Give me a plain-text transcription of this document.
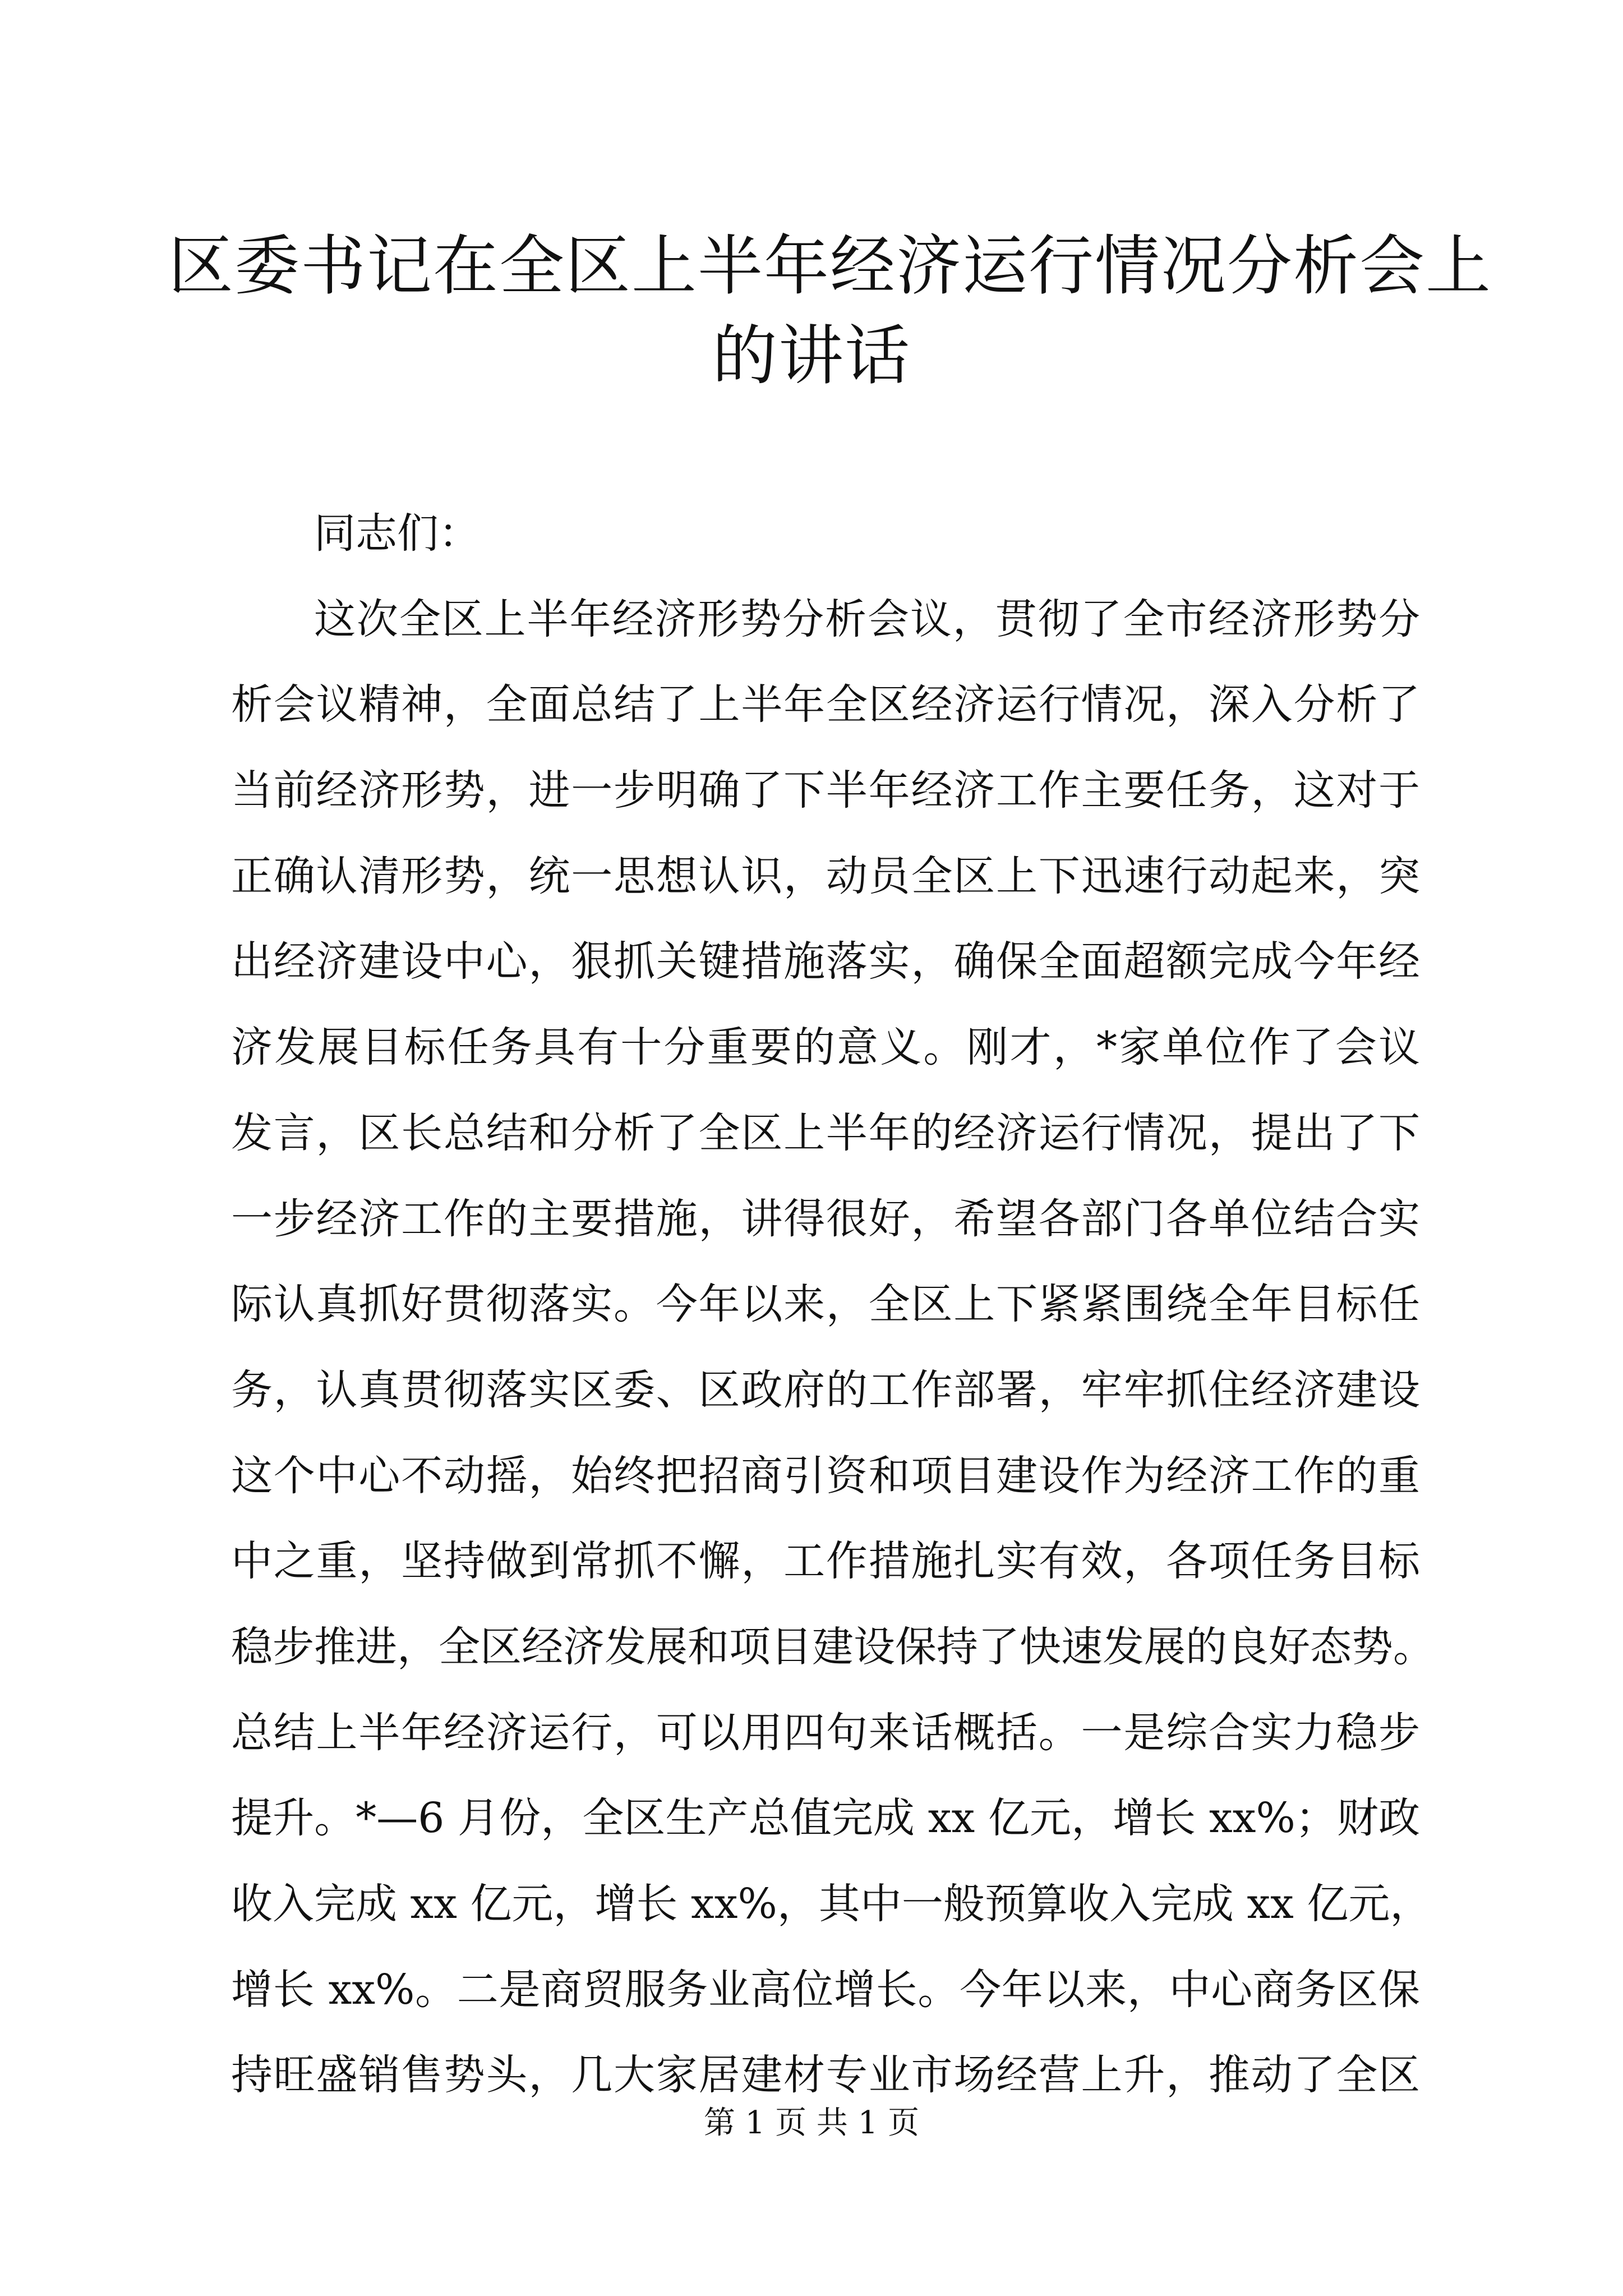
区委书记在全区上半年经济运行情况分析会上
的讲话
同志们：
这次全区上半年经济形势分析会议，贯彻了全市经济形势分
析会议精神，全面总结了上半年全区经济运行情况，深入分析了
当前经济形势，进一步明确了下半年经济工作主要任务，这对于
正确认清形势，统一思想认识，动员全区上下迅速行动起来，突
出经济建设中心，狠抓关键措施落实，确保全面超额完成今年经
济发展目标任务具有十分重要的意义。刚才，*家单位作了会议
发言，区长总结和分析了全区上半年的经济运行情况，提出了下
一步经济工作的主要措施，讲得很好，希望各部门各单位结合实
际认真抓好贯彻落实。今年以来，全区上下紧紧围绕全年目标任
务，认真贯彻落实区委、区政府的工作部署，牢牢抓住经济建设
这个中心不动摇，始终把招商引资和项目建设作为经济工作的重
中之重，坚持做到常抓不懈，工作措施扎实有效，各项任务目标
稳步推进，全区经济发展和项目建设保持了快速发展的良好态势。
总结上半年经济运行，可以用四句来话概括。一是综合实力稳步
提升。*—6 月份，全区生产总值完成 xx 亿元，增长 xx%；财政
收入完成 xx 亿元，增长 xx%，其中一般预算收入完成 xx 亿元，
增长 xx%。二是商贸服务业高位增长。今年以来，中心商务区保
持旺盛销售势头，几大家居建材专业市场经营上升，推动了全区
第 1 页 共 1 页
